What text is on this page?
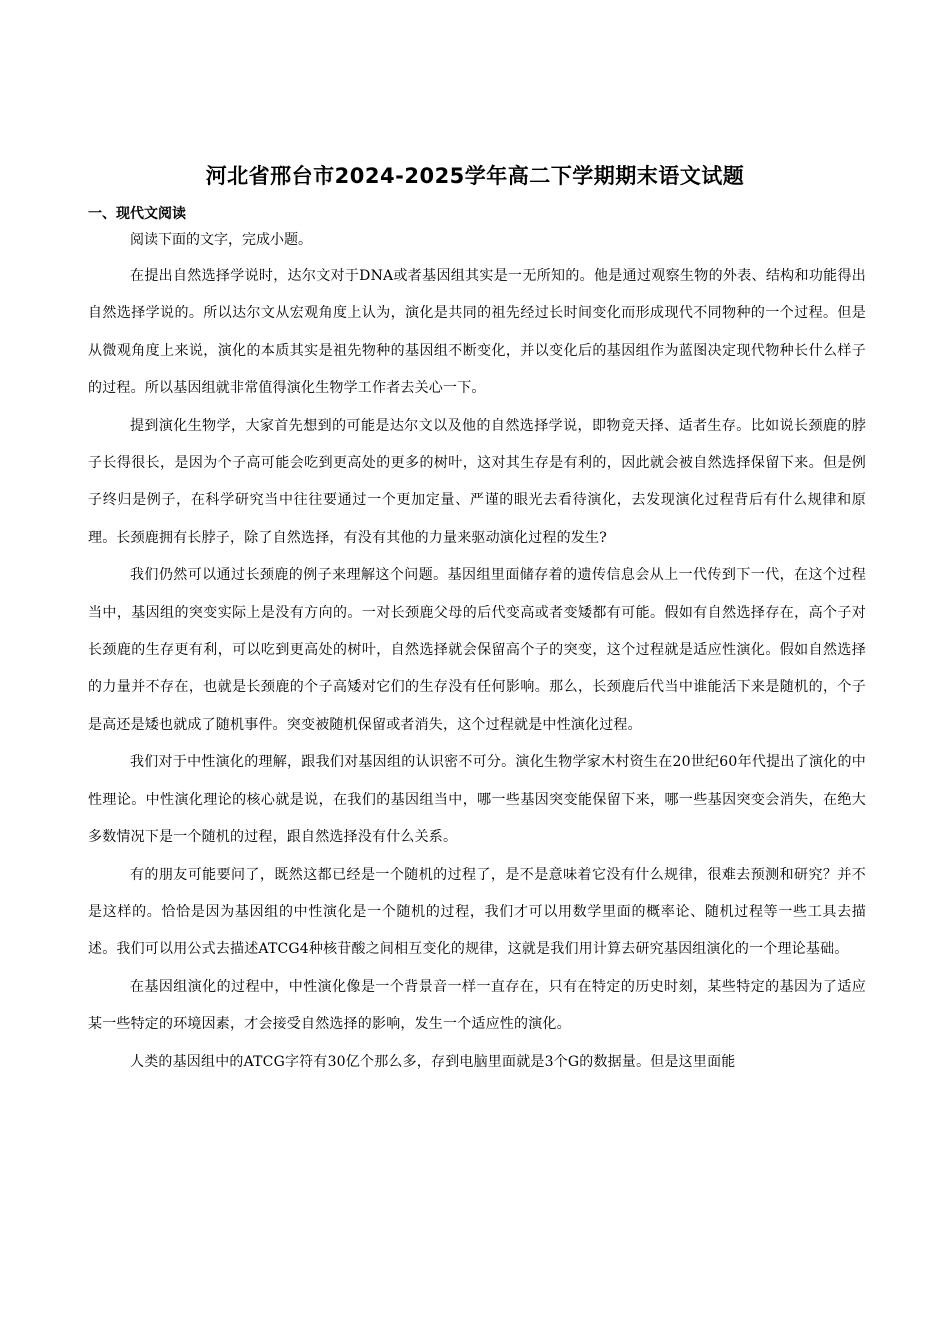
河北省邢台市2024-2025学年高二下学期期末语文试题
一、现代文阅读
阅读下面的文字，完成小题。

在提出自然选择学说时，达尔文对于DNA或者基因组其实是一无所知的。他是通过观察生物的外表、结构和功能得出自然选择学说的。所以达尔文从宏观角度上认为，演化是共同的祖先经过长时间变化而形成现代不同物种的一个过程。但是从微观角度上来说，演化的本质其实是祖先物种的基因组不断变化，并以变化后的基因组作为蓝图决定现代物种长什么样子的过程。所以基因组就非常值得演化生物学工作者去关心一下。

提到演化生物学，大家首先想到的可能是达尔文以及他的自然选择学说，即物竞天择、适者生存。比如说长颈鹿的脖子长得很长，是因为个子高可能会吃到更高处的更多的树叶，这对其生存是有利的，因此就会被自然选择保留下来。但是例子终归是例子，在科学研究当中往往要通过一个更加定量、严谨的眼光去看待演化，去发现演化过程背后有什么规律和原理。长颈鹿拥有长脖子，除了自然选择，有没有其他的力量来驱动演化过程的发生?

我们仍然可以通过长颈鹿的例子来理解这个问题。基因组里面储存着的遗传信息会从上一代传到下一代，在这个过程当中，基因组的突变实际上是没有方向的。一对长颈鹿父母的后代变高或者变矮都有可能。假如有自然选择存在，高个子对长颈鹿的生存更有利，可以吃到更高处的树叶，自然选择就会保留高个子的突变，这个过程就是适应性演化。假如自然选择的力量并不存在，也就是长颈鹿的个子高矮对它们的生存没有任何影响。那么，长颈鹿后代当中谁能活下来是随机的，个子是高还是矮也就成了随机事件。突变被随机保留或者消失，这个过程就是中性演化过程。

我们对于中性演化的理解，跟我们对基因组的认识密不可分。演化生物学家木村资生在20世纪60年代提出了演化的中性理论。中性演化理论的核心就是说，在我们的基因组当中，哪一些基因突变能保留下来，哪一些基因突变会消失，在绝大多数情况下是一个随机的过程，跟自然选择没有什么关系。

有的朋友可能要问了，既然这都已经是一个随机的过程了，是不是意味着它没有什么规律，很难去预测和研究？并不是这样的。恰恰是因为基因组的中性演化是一个随机的过程，我们才可以用数学里面的概率论、随机过程等一些工具去描述。我们可以用公式去描述ATCG4种核苷酸之间相互变化的规律，这就是我们用计算去研究基因组演化的一个理论基础。

在基因组演化的过程中，中性演化像是一个背景音一样一直存在，只有在特定的历史时刻，某些特定的基因为了适应某一些特定的环境因素，才会接受自然选择的影响，发生一个适应性的演化。

人类的基因组中的ATCG字符有30亿个那么多，存到电脑里面就是3个G的数据量。但是这里面能
